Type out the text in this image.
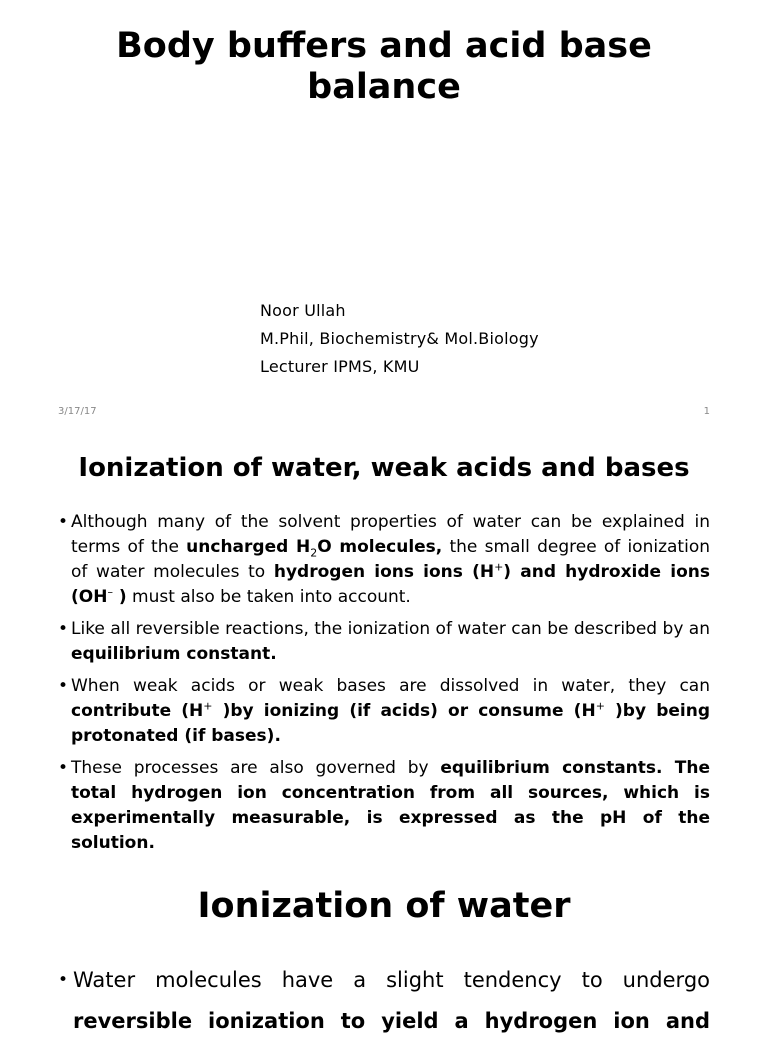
Body buffers and acid base balance
Noor Ullah
M.Phil, Biochemistry& Mol.Biology
Lecturer IPMS, KMU
3/17/17	1
Ionization of water, weak acids and bases
• Although many of the solvent properties of water can be explained in terms of the uncharged $H_2O$ molecules, the small degree of ionization of water molecules to hydrogen ions ions (H+) and hydroxide ions (OH– ) must also be taken into account.
• Like all reversible reactions, the ionization of water can be described by an equilibrium constant.
• When weak acids or weak bases are dissolved in water, they can contribute (H+ )by ionizing (if acids) or consume (H+ )by being protonated (if bases).
• These processes are also governed by equilibrium constants. The total hydrogen ion concentration from all sources, which is experimentally measurable, is expressed as the pH of the solution.
Ionization of water
• Water molecules have a slight tendency to undergo reversible ionization to yield a hydrogen ion and
